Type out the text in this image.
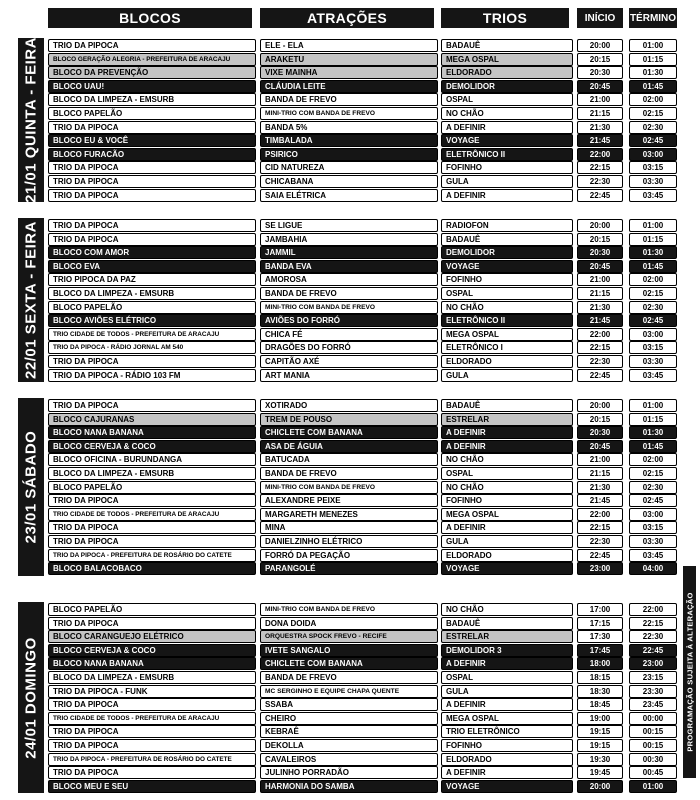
BLOCOS	ATRAÇÕES	TRIOS	INÍCIO	TÉRMINO
21/01 QUINTA - FEIRA	TRIO DA PIPOCA	ELE - ELA	BADAUÊ	20:00	01:00
BLOCO GERAÇÃO ALEGRIA - PREFEITURA DE ARACAJU	ARAKETU	MEGA OSPAL	20:15	01:15
BLOCO DA PREVENÇÃO	VIXE MAINHA	ELDORADO	20:30	01:30
BLOCO UAU!	CLÁUDIA LEITE	DEMOLIDOR	20:45	01:45
BLOCO DA LIMPEZA - EMSURB	BANDA DE FREVO	OSPAL	21:00	02:00
BLOCO PAPELÃO	MINI-TRIO COM BANDA DE FREVO	NO CHÃO	21:15	02:15
TRIO DA PIPOCA	BANDA 5%	A DEFINIR	21:30	02:30
BLOCO EU & VOCÊ	TIMBALADA	VOYAGE	21:45	02:45
BLOCO FURACÃO	PSIRICO	ELETRÔNICO II	22:00	03:00
TRIO DA PIPOCA	CID NATUREZA	FOFINHO	22:15	03:15
TRIO DA PIPOCA	CHICABANA	GULA	22:30	03:30
TRIO DA PIPOCA	SAIA ELÉTRICA	A DEFINIR	22:45	03:45
22/01 SEXTA - FEIRA	TRIO DA PIPOCA	SE LIGUE	RADIOFON	20:00	01:00
TRIO DA PIPOCA	JAMBAHIA	BADAUÊ	20:15	01:15
BLOCO COM AMOR	JAMMIL	DEMOLIDOR	20:30	01:30
BLOCO EVA	BANDA EVA	VOYAGE	20:45	01:45
TRIO PIPOCA DA PAZ	AMOROSA	FOFINHO	21:00	02:00
BLOCO DA LIMPEZA - EMSURB	BANDA DE FREVO	OSPAL	21:15	02:15
BLOCO PAPELÃO	MINI-TRIO COM BANDA DE FREVO	NO CHÃO	21:30	02:30
BLOCO AVIÕES ELÉTRICO	AVIÕES DO FORRÓ	ELETRÔNICO II	21:45	02:45
TRIO CIDADE DE TODOS - PREFEITURA DE ARACAJU	CHICA FÉ	MEGA OSPAL	22:00	03:00
TRIO DA PIPOCA - RÁDIO JORNAL AM 540	DRAGÕES DO FORRÓ	ELETRÔNICO I	22:15	03:15
TRIO DA PIPOCA	CAPITÃO AXÉ	ELDORADO	22:30	03:30
TRIO DA PIPOCA - RÁDIO 103 FM	ART MANIA	GULA	22:45	03:45
23/01 SÁBADO
TRIO DA PIPOCA	XOTIRADO	BADAUÊ	20:00	01:00
BLOCO CAJURANAS	TREM DE POUSO	ESTRELAR	20:15	01:15
BLOCO NANA BANANA	CHICLETE COM BANANA	A DEFINIR	20:30	01:30
BLOCO CERVEJA & COCO	ASA DE ÁGUIA	A DEFINIR	20:45	01:45
BLOCO OFICINA - BURUNDANGA	BATUCADA	NO CHÃO	21:00	02:00
BLOCO DA LIMPEZA - EMSURB	BANDA DE FREVO	OSPAL	21:15	02:15
BLOCO PAPELÃO	MINI-TRIO COM BANDA DE FREVO	NO CHÃO	21:30	02:30
TRIO DA PIPOCA	ALEXANDRE PEIXE	FOFINHO	21:45	02:45
TRIO CIDADE DE TODOS - PREFEITURA DE ARACAJU	MARGARETH MENEZES	MEGA OSPAL	22:00	03:00
TRIO DA PIPOCA	MINA	A DEFINIR	22:15	03:15
TRIO DA PIPOCA	DANIELZINHO ELÉTRICO	GULA	22:30	03:30
TRIO DA PIPOCA - PREFEITURA DE ROSÁRIO DO CATETE	FORRÓ DA PEGAÇÃO	ELDORADO	22:45	03:45
BLOCO BALACOBACO	PARANGOLÉ	VOYAGE	23:00	04:00
24/01 DOMINGO
BLOCO PAPELÃO	MINI-TRIO COM BANDA DE FREVO	NO CHÃO	17:00	22:00
TRIO DA PIPOCA	DONA DOIDA	BADAUÊ	17:15	22:15
BLOCO CARANGUEJO ELÉTRICO	ORQUESTRA SPOCK FREVO - RECIFE	ESTRELAR	17:30	22:30
BLOCO CERVEJA & COCO	IVETE SANGALO	DEMOLIDOR 3	17:45	22:45
BLOCO NANA BANANA	CHICLETE COM BANANA	A DEFINIR	18:00	23:00
BLOCO DA LIMPEZA - EMSURB	BANDA DE FREVO	OSPAL	18:15	23:15
TRIO DA PIPOCA - FUNK	MC SERGINHO E EQUIPE CHAPA QUENTE	GULA	18:30	23:30
TRIO DA PIPOCA	SSABA	A DEFINIR	18:45	23:45
TRIO CIDADE DE TODOS - PREFEITURA DE ARACAJU	CHEIRO	MEGA OSPAL	19:00	00:00
TRIO DA PIPOCA	KEBRAÊ	TRIO ELETRÔNICO	19:15	00:15
TRIO DA PIPOCA	DEKOLLA	FOFINHO	19:15	00:15
TRIO DA PIPOCA - PREFEITURA DE ROSÁRIO DO CATETE	CAVALEIROS	ELDORADO	19:30	00:30
TRIO DA PIPOCA	JULINHO PORRADÃO	A DEFINIR	19:45	00:45
BLOCO MEU E SEU	HARMONIA DO SAMBA	VOYAGE	20:00	01:00
PROGRAMAÇÃO SUJEITA À ALTERAÇÃO
